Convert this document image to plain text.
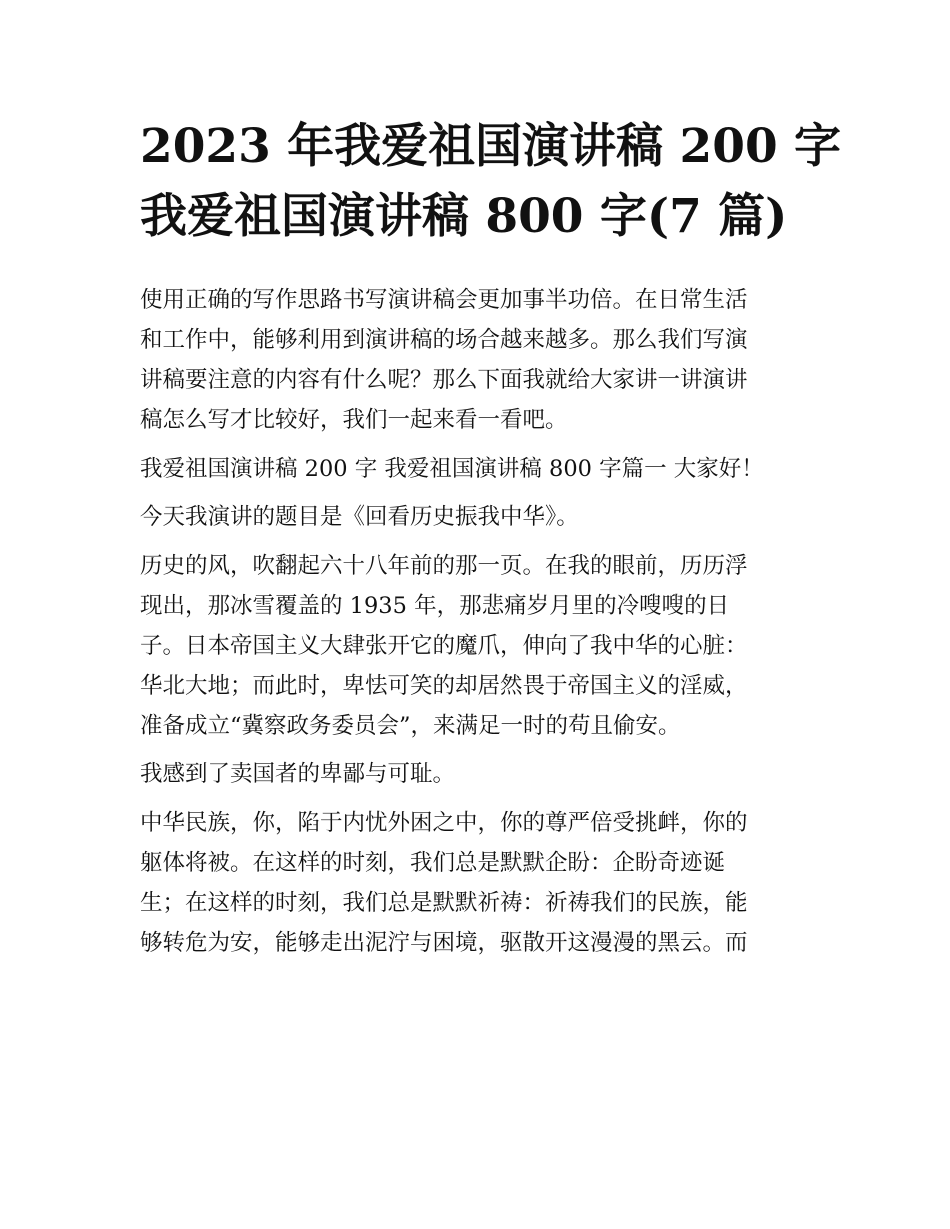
2023 年我爱祖国演讲稿 200 字
我爱祖国演讲稿 800 字(7 篇)

使用正确的写作思路书写演讲稿会更加事半功倍。在日常生活
和工作中，能够利用到演讲稿的场合越来越多。那么我们写演
讲稿要注意的内容有什么呢？那么下面我就给大家讲一讲演讲
稿怎么写才比较好，我们一起来看一看吧。

我爱祖国演讲稿 200 字 我爱祖国演讲稿 800 字篇一 大家好！

今天我演讲的题目是《回看历史振我中华》。

历史的风，吹翻起六十八年前的那一页。在我的眼前，历历浮
现出，那冰雪覆盖的 1935 年，那悲痛岁月里的冷嗖嗖的日
子。日本帝国主义大肆张开它的魔爪，伸向了我中华的心脏：
华北大地；而此时，卑怯可笑的却居然畏于帝国主义的淫威，
准备成立“冀察政务委员会”，来满足一时的苟且偷安。

我感到了卖国者的卑鄙与可耻。

中华民族，你，陷于内忧外困之中，你的尊严倍受挑衅，你的
躯体将被。在这样的时刻，我们总是默默企盼：企盼奇迹诞
生；在这样的时刻，我们总是默默祈祷：祈祷我们的民族，能
够转危为安，能够走出泥泞与困境，驱散开这漫漫的黑云。而
